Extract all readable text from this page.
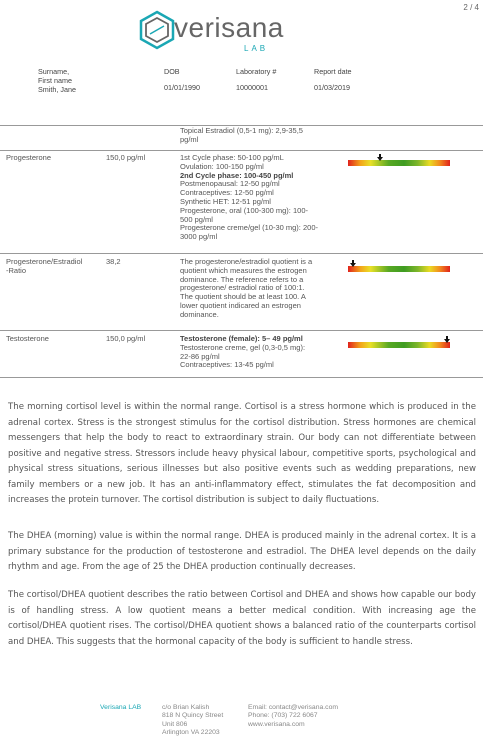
2 / 4
verisana
LAB
Surname,
First name
Smith, Jane
DOB
01/01/1990
Laboratory #
10000001
Report date
01/03/2019
Topical Estradiol (0,5-1 mg): 2,9-35,5
pg/ml
Progesterone	150,0 pg/ml	1st Cycle phase: 50-100 pg/mL
Ovulation: 100-150 pg/ml
2nd Cycle phase: 100-450 pg/ml
Postmenopausal: 12-50 pg/ml
Contraceptives: 12-50 pg/ml
Synthetic HET: 12-51 pg/ml
Progesterone, oral (100-300 mg): 100-
500 pg/ml
Progesterone creme/gel (10-30 mg): 200-
3000 pg/ml
Progesterone/Estradiol
-Ratio
38,2	The progesterone/estradiol quotient is a
quotient which measures the estrogen
dominance. The reference refers to a
progesterone/ estradiol ratio of 100:1.
The quotient should be at least 100. A
lower quotient indicared an estrogen
dominance.
Testosterone	150,0 pg/ml	Testosterone (female): 5– 49 pg/ml
Testosterone creme, gel (0,3-0,5 mg):
22-86 pg/ml
Contraceptives: 13-45 pg/ml

The morning cortisol level is within the normal range. Cortisol is a stress hormone which is produced in the adrenal cortex. Stress is the strongest stimulus for the cortisol distribution. Stress hormones are chemical messengers that help the body to react to extraordinary strain. Our body can not differentiate between positive and negative stress. Stressors include heavy physical labour, competitive sports, psychological and physical stress situations, serious illnesses but also positive events such as wedding preparations, new family members or a new job. It has an anti-inflammatory effect, stimulates the fat decomposition and increases the protein turnover. The cortisol distribution is subject to daily fluctuations.

The DHEA (morning) value is within the normal range. DHEA is produced mainly in the adrenal cortex. It is a primary substance for the production of testosterone and estradiol. The DHEA level depends on the daily rhythm and age. From the age of 25 the DHEA production continually decreases.

The cortisol/DHEA quotient describes the ratio between Cortisol and DHEA and shows how capable our body is of handling stress. A low quotient means a better medical condition. With increasing age the cortisol/DHEA quotient rises. The cortisol/DHEA quotient shows a balanced ratio of the counterparts cortisol and DHEA. This suggests that the hormonal capacity of the body is sufficient to handle stress.

Verisana LAB	c/o Brian Kalish
818 N Quincy Street
Unit 806
Arlington VA 22203
Email: contact@verisana.com
Phone: (703) 722 6067
www.verisana.com
